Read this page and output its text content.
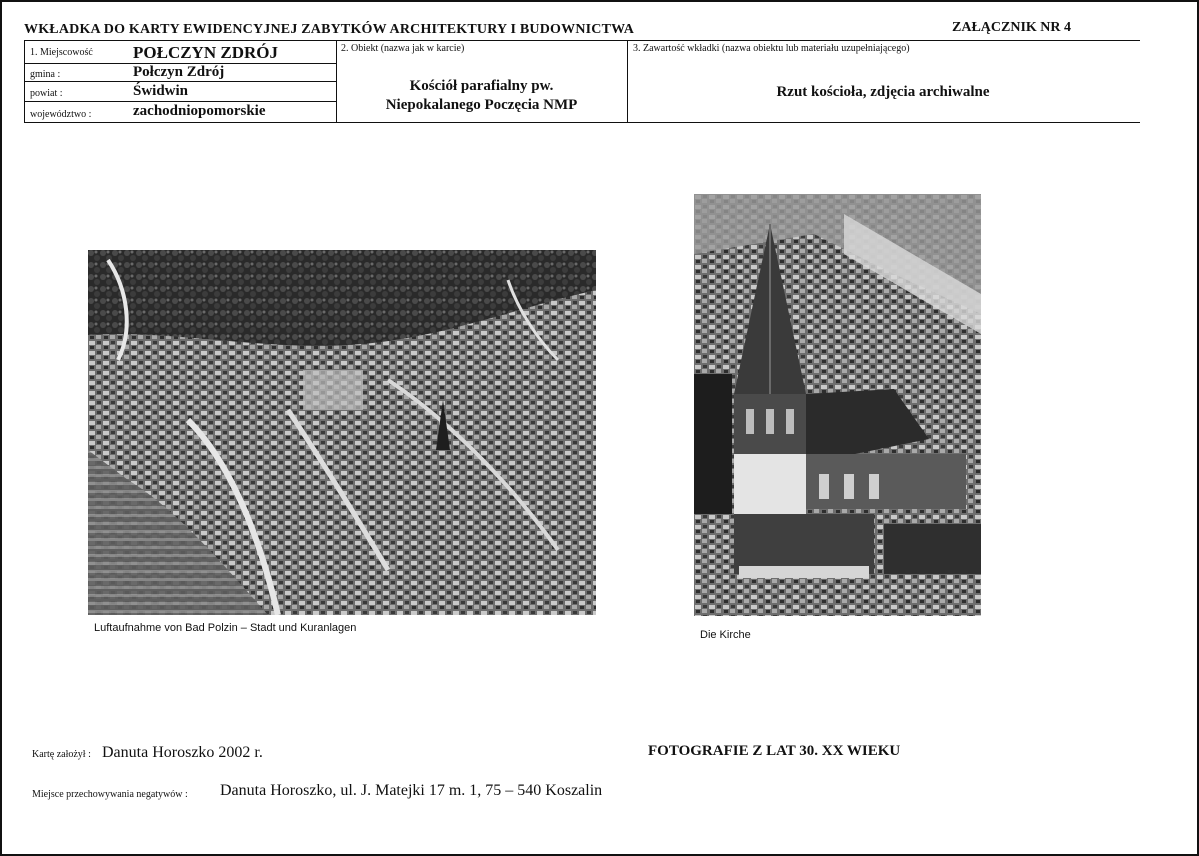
WKŁADKA DO KARTY EWIDENCYJNEJ ZABYTKÓW ARCHITEKTURY I BUDOWNICTWA	ZAŁĄCZNIK NR 4
1. Miejscowość POŁCZYN ZDRÓJ
gmina :	Połczyn Zdrój
powiat :	Świdwin
województwo :	zachodniopomorskie
2. Obiekt (nazwa jak w karcie)
Kościół parafialny pw.
Niepokalanego Poczęcia NMP
3. Zawartość wkładki (nazwa obiektu lub materiału uzupełniającego)
Rzut kościoła, zdjęcia archiwalne
Luftaufnahme von Bad Polzin – Stadt und Kuranlagen
Die Kirche
Kartę założył : Danuta Horoszko 2002 r.	FOTOGRAFIE Z LAT 30. XX WIEKU
Miejsce przechowywania negatywów : Danuta Horoszko, ul. J. Matejki 17 m. 1, 75 – 540 Koszalin
